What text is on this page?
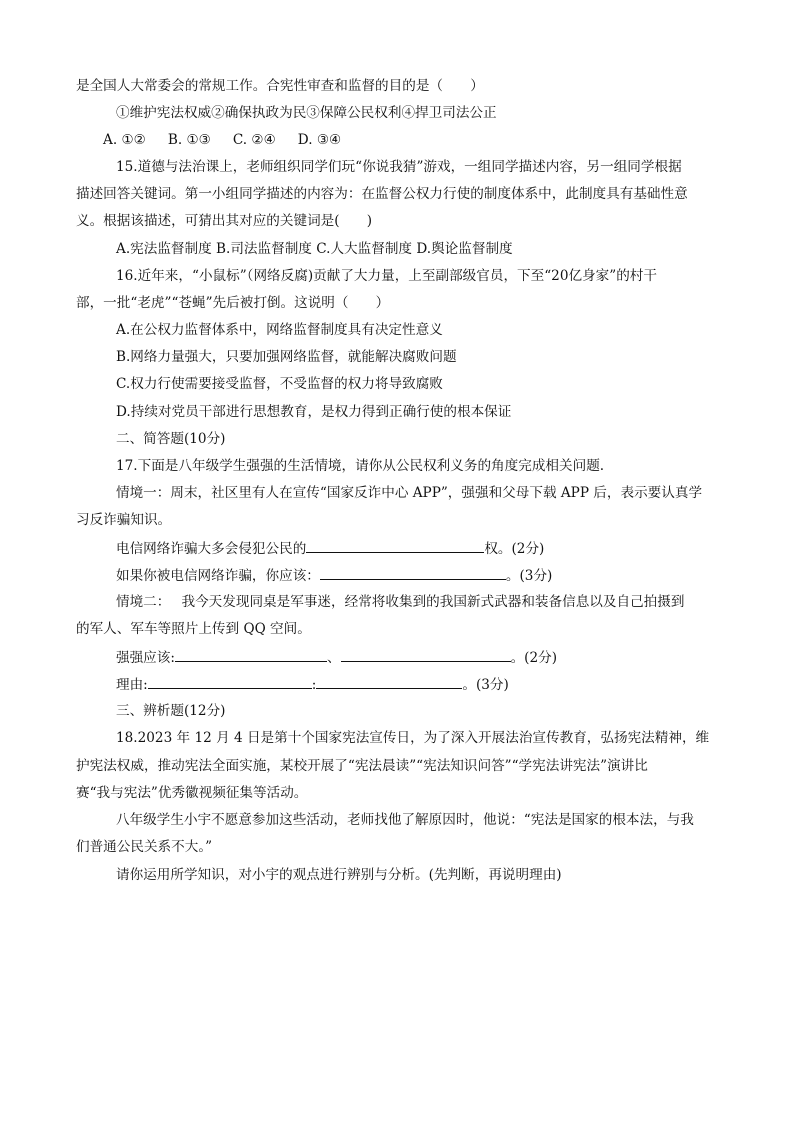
是全国人大常委会的常规工作。合宪性审查和监督的目的是（　　）
①维护宪法权威②确保执政为民③保障公民权利④捍卫司法公正
A. ①② B. ①③ C. ②④ D. ③④
15.道德与法治课上，老师组织同学们玩“你说我猜”游戏，一组同学描述内容，另一组同学根据
描述回答关键词。第一小组同学描述的内容为：在监督公权力行使的制度体系中，此制度具有基础性意
义。根据该描述，可猜出其对应的关键词是(　　)
A.宪法监督制度 B.司法监督制度 C.人大监督制度 D.舆论监督制度
16.近年来，“小鼠标”（网络反腐)贡献了大力量，上至副部级官员，下至“20亿身家”的村干
部，一批“老虎”“苍蝇”先后被打倒。这说明（　　）
A.在公权力监督体系中，网络监督制度具有决定性意义
B.网络力量强大，只要加强网络监督，就能解决腐败问题
C.权力行使需要接受监督，不受监督的权力将导致腐败
D.持续对党员干部进行思想教育，是权力得到正确行使的根本保证
二、简答题(10分)
17.下面是八年级学生强强的生活情境，请你从公民权利义务的角度完成相关问题.
情境一：周末，社区里有人在宣传“国家反诈中心 APP”，强强和父母下载 APP 后，表示要认真学
习反诈骗知识。
电信网络诈骗大多会侵犯公民的	权。(2分)
如果你被电信网络诈骗，你应该：	。(3分)
情境二：　 我今天发现同桌是军事迷，经常将收集到的我国新式武器和装备信息以及自己拍摄到
的军人、军车等照片上传到 QQ 空间。
强强应该:	、	。(2分)
理由:	:	。(3分)
三、辨析题(12分)
18.2023 年 12 月 4 日是第十个国家宪法宣传日，为了深入开展法治宣传教育，弘扬宪法精神，维
护宪法权威，推动宪法全面实施，某校开展了“宪法晨读”“宪法知识问答”“学宪法讲宪法”演讲比
赛“我与宪法”优秀徽视频征集等活动。
八年级学生小宇不愿意参加这些活动，老师找他了解原因时，他说：“宪法是国家的根本法，与我
们普通公民关系不大。”
请你运用所学知识，对小宇的观点进行辨别与分析。(先判断，再说明理由)
